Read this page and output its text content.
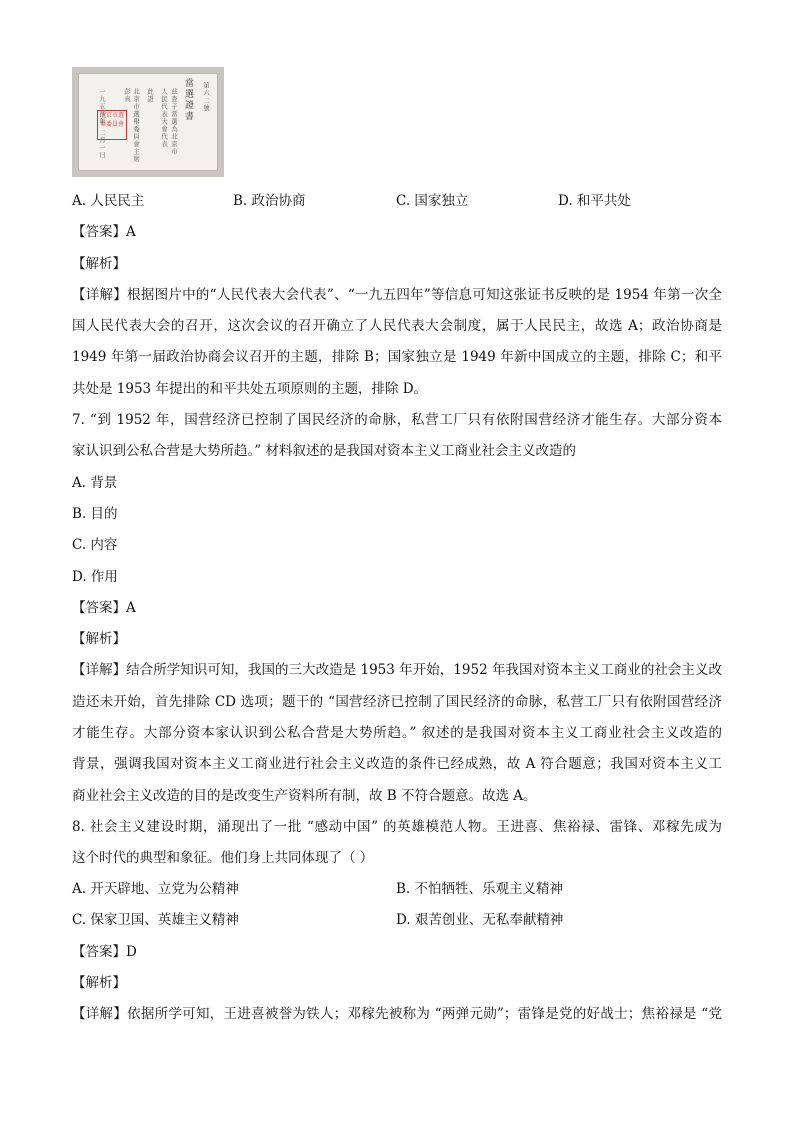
當選證書
兹查子當選為北京市
人民代表大會代表
此證
北京市選舉委員會主席 彭真
一九五四年 二月一日	第六二號
北京市選舉委員會
A. 人民民主	B. 政治协商	C. 国家独立	D. 和平共处
【答案】A
【解析】
【详解】根据图片中的“人民代表大会代表”、“一九五四年”等信息可知这张证书反映的是 1954 年第一次全
国人民代表大会的召开，这次会议的召开确立了人民代表大会制度，属于人民民主，故选 A；政治协商是
1949 年第一届政治协商会议召开的主题，排除 B；国家独立是 1949 年新中国成立的主题，排除 C；和平
共处是 1953 年提出的和平共处五项原则的主题，排除 D。
7. “到 1952 年，国营经济已控制了国民经济的命脉，私营工厂只有依附国营经济才能生存。大部分资本
家认识到公私合营是大势所趋。” 材料叙述的是我国对资本主义工商业社会主义改造的
A. 背景
B. 目的
C. 内容
D. 作用
【答案】A
【解析】
【详解】结合所学知识可知，我国的三大改造是 1953 年开始，1952 年我国对资本主义工商业的社会主义改
造还未开始，首先排除 CD 选项；题干的 “国营经济已控制了国民经济的命脉，私营工厂只有依附国营经济
才能生存。大部分资本家认识到公私合营是大势所趋。” 叙述的是我国对资本主义工商业社会主义改造的
背景，强调我国对资本主义工商业进行社会主义改造的条件已经成熟，故 A 符合题意；我国对资本主义工
商业社会主义改造的目的是改变生产资料所有制，故 B 不符合题意。故选 A。
8. 社会主义建设时期，涌现出了一批 “感动中国” 的英雄模范人物。王进喜、焦裕禄、雷锋、邓稼先成为
这个时代的典型和象征。他们身上共同体现了（ ）
A. 开天辟地、立党为公精神	B. 不怕牺牲、乐观主义精神
C. 保家卫国、英雄主义精神	D. 艰苦创业、无私奉献精神
【答案】D
【解析】
【详解】依据所学可知，王进喜被誉为铁人；邓稼先被称为 “两弹元勋”；雷锋是党的好战士；焦裕禄是 “党
